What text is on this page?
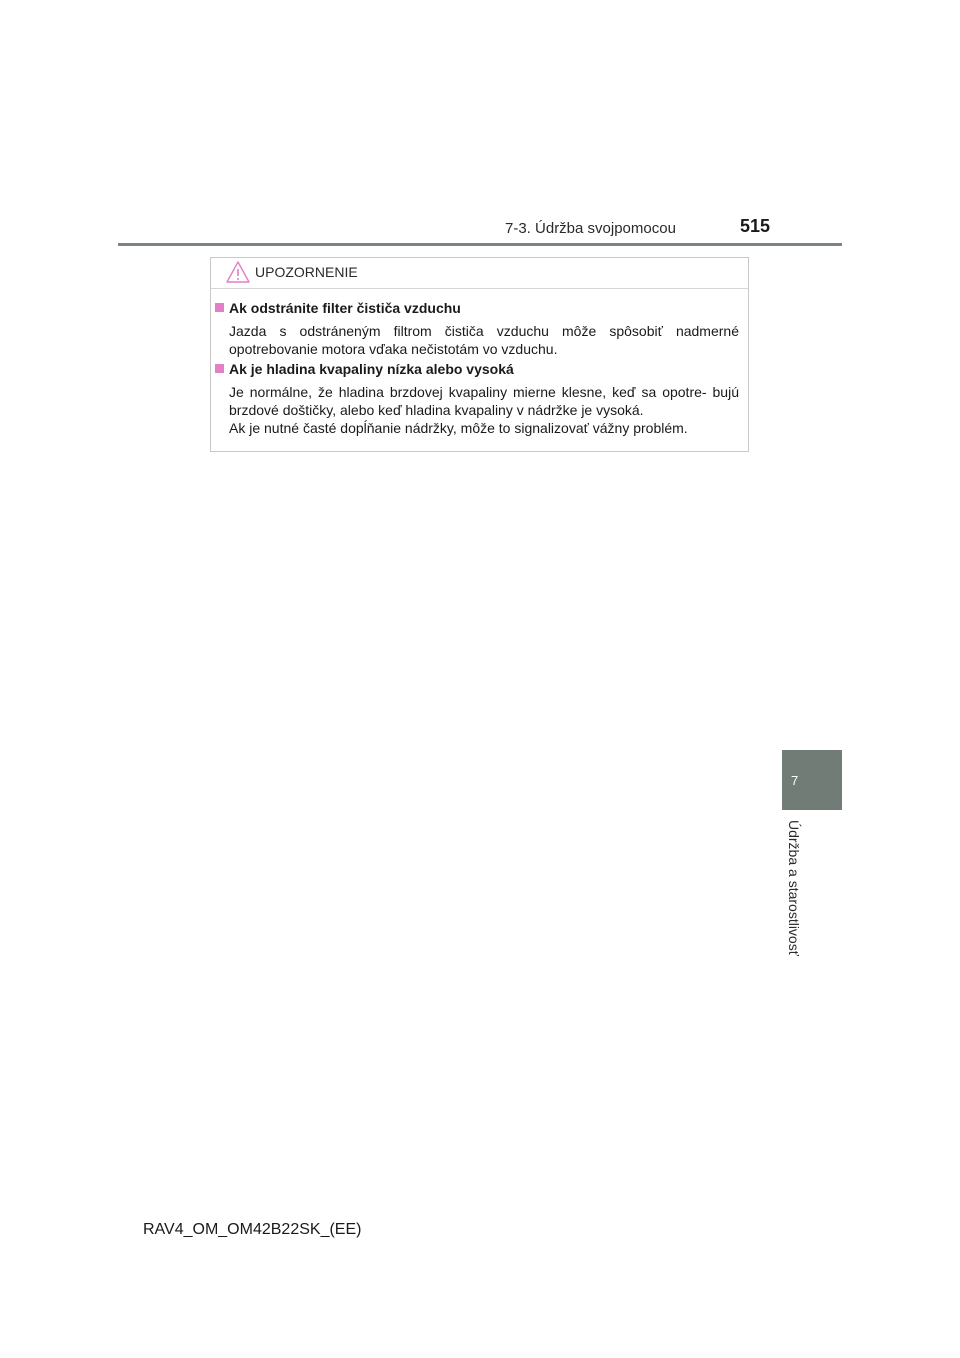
7-3. Údržba svojpomocou	515
UPOZORNENIE
Ak odstránite filter čističa vzduchu

Jazda s odstráneným filtrom čističa vzduchu môže spôsobiť nadmerné opotrebovanie motora vďaka nečistotám vo vzduchu.

Ak je hladina kvapaliny nízka alebo vysoká

Je normálne, že hladina brzdovej kvapaliny mierne klesne, keď sa opotre- bujú brzdové doštičky, alebo keď hladina kvapaliny v nádržke je vysoká.

Ak je nutné časté dopĺňanie nádržky, môže to signalizovať vážny problém.

7
Údržba a starostlivosť
RAV4_OM_OM42B22SK_(EE)
